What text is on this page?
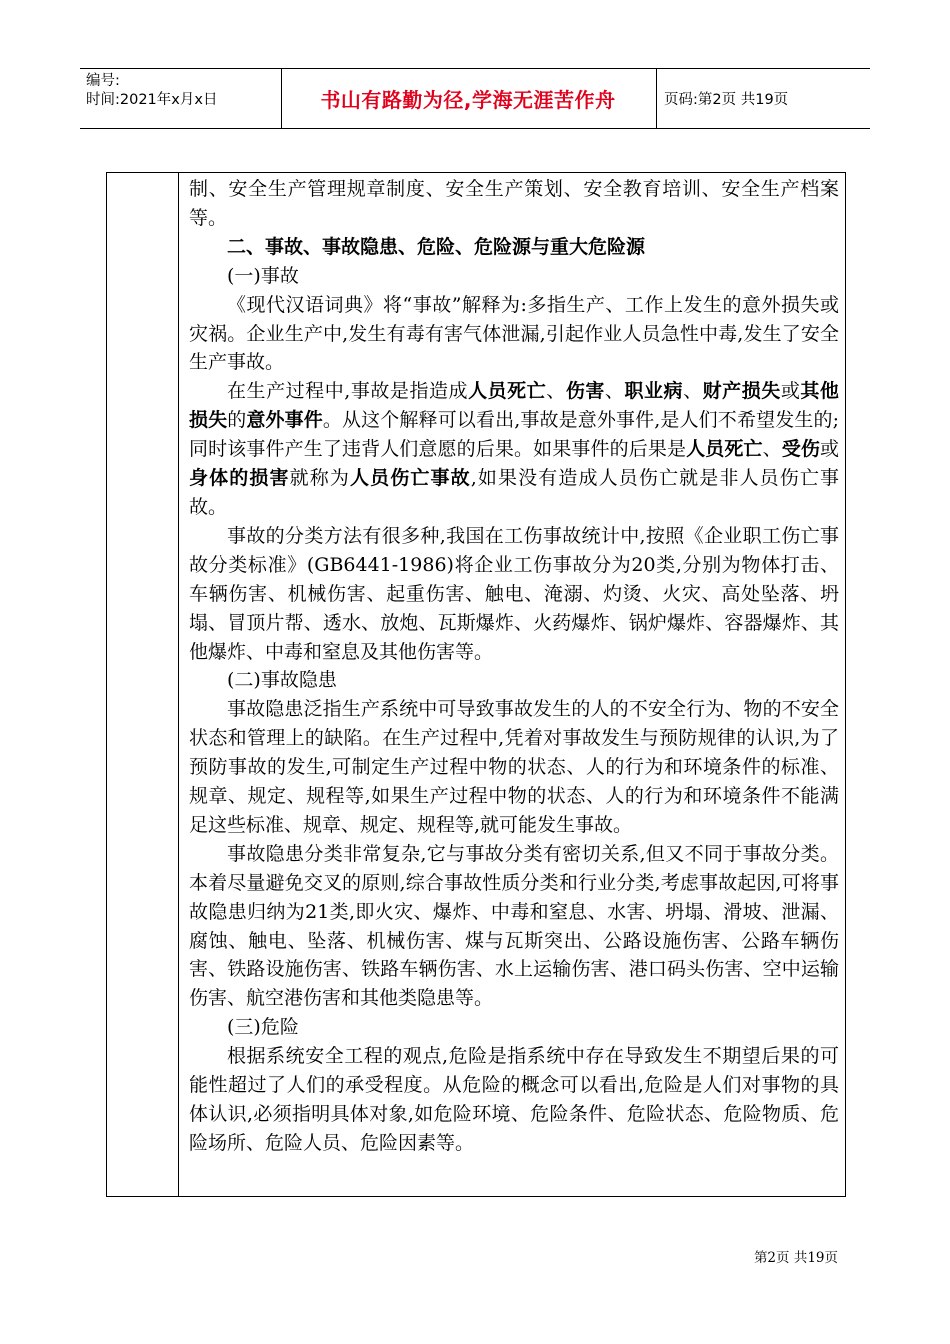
编号:
时间:2021年x月x日	书山有路勤为径,学海无涯苦作舟	页码:第2页 共19页

制、安全生产管理规章制度、安全生产策划、安全教育培训、安全生产档案等。

二、事故、事故隐患、危险、危险源与重大危险源

(一)事故

《现代汉语词典》将“事故”解释为:多指生产、工作上发生的意外损失或灾祸。企业生产中,发生有毒有害气体泄漏,引起作业人员急性中毒,发生了安全生产事故。

在生产过程中,事故是指造成人员死亡、伤害、职业病、财产损失或其他损失的意外事件。从这个解释可以看出,事故是意外事件,是人们不希望发生的;同时该事件产生了违背人们意愿的后果。如果事件的后果是人员死亡、受伤或身体的损害就称为人员伤亡事故,如果没有造成人员伤亡就是非人员伤亡事故。

事故的分类方法有很多种,我国在工伤事故统计中,按照《企业职工伤亡事故分类标准》(GB6441-1986)将企业工伤事故分为20类,分别为物体打击、车辆伤害、机械伤害、起重伤害、触电、淹溺、灼烫、火灾、高处坠落、坍塌、冒顶片帮、透水、放炮、瓦斯爆炸、火药爆炸、锅炉爆炸、容器爆炸、其他爆炸、中毒和窒息及其他伤害等。

(二)事故隐患

事故隐患泛指生产系统中可导致事故发生的人的不安全行为、物的不安全状态和管理上的缺陷。在生产过程中,凭着对事故发生与预防规律的认识,为了预防事故的发生,可制定生产过程中物的状态、人的行为和环境条件的标准、规章、规定、规程等,如果生产过程中物的状态、人的行为和环境条件不能满足这些标准、规章、规定、规程等,就可能发生事故。

事故隐患分类非常复杂,它与事故分类有密切关系,但又不同于事故分类。本着尽量避免交叉的原则,综合事故性质分类和行业分类,考虑事故起因,可将事故隐患归纳为21类,即火灾、爆炸、中毒和窒息、水害、坍塌、滑坡、泄漏、腐蚀、触电、坠落、机械伤害、煤与瓦斯突出、公路设施伤害、公路车辆伤害、铁路设施伤害、铁路车辆伤害、水上运输伤害、港口码头伤害、空中运输伤害、航空港伤害和其他类隐患等。

(三)危险

根据系统安全工程的观点,危险是指系统中存在导致发生不期望后果的可能性超过了人们的承受程度。从危险的概念可以看出,危险是人们对事物的具体认识,必须指明具体对象,如危险环境、危险条件、危险状态、危险物质、危险场所、危险人员、危险因素等。

第2页 共19页
